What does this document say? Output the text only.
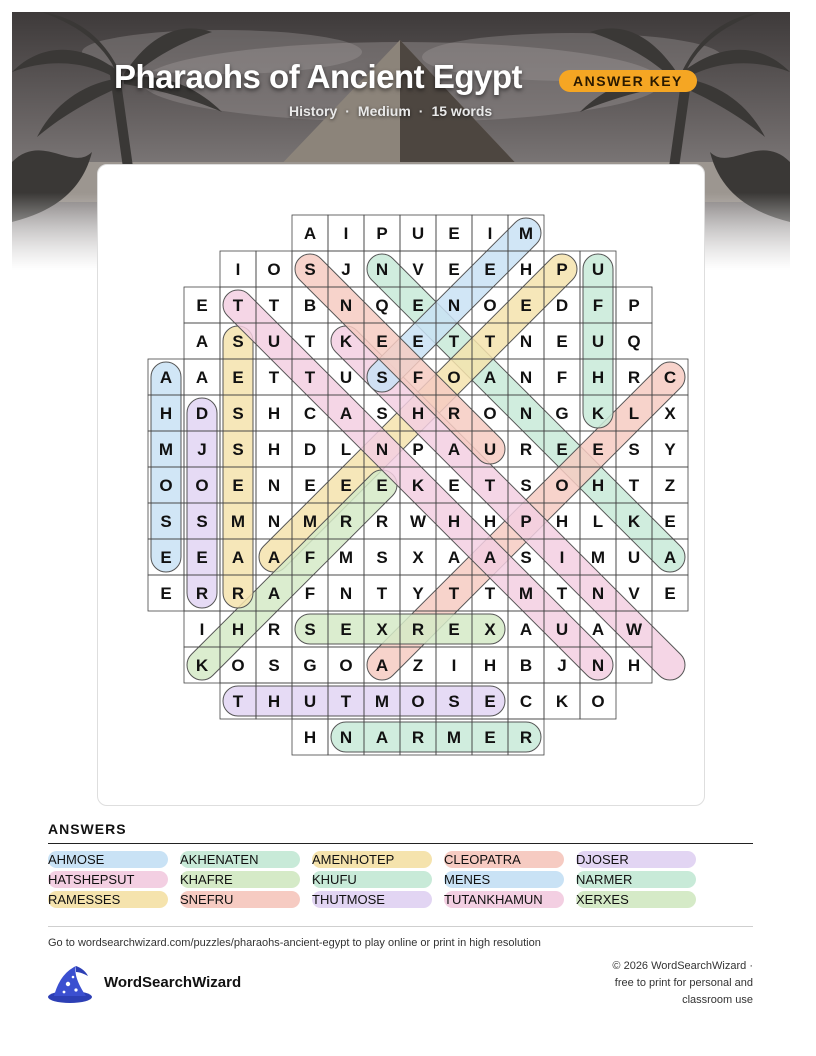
Pharaohs of Ancient Egypt	ANSWER KEY
History · Medium · 15 words
A I P U E I M
I O S J N V E E H P U
E T T B N Q E N O E D F P
A S U T K E E T T N E U Q
A A E T T U S F O A N F H R C
H D S H C A S H R O N G K L X
M J S H D L N P A U R E E S Y
O O E N E E E K E T S O H T Z
S S M N M R R W H H P H L K E
E E A A F M S X A A S I M U A
E R R A F N T Y T T M T N V E
I H R S E X R E X A U A W
K O S G O A Z I H B J N H
T H U T M O S E C K O
H N A R M E R
ANSWERS
AHMOSE	AKHENATEN	AMENHOTEP	CLEOPATRA	DJOSER
HATSHEPSUT	KHAFRE	KHUFU	MENES	NARMER
RAMESSES	SNEFRU	THUTMOSE	TUTANKHAMUN	XERXES
Go to wordsearchwizard.com/puzzles/pharaohs-ancient-egypt to play online or print in high resolution
WordSearchWizard
© 2026 WordSearchWizard ·
free to print for personal and
classroom use
